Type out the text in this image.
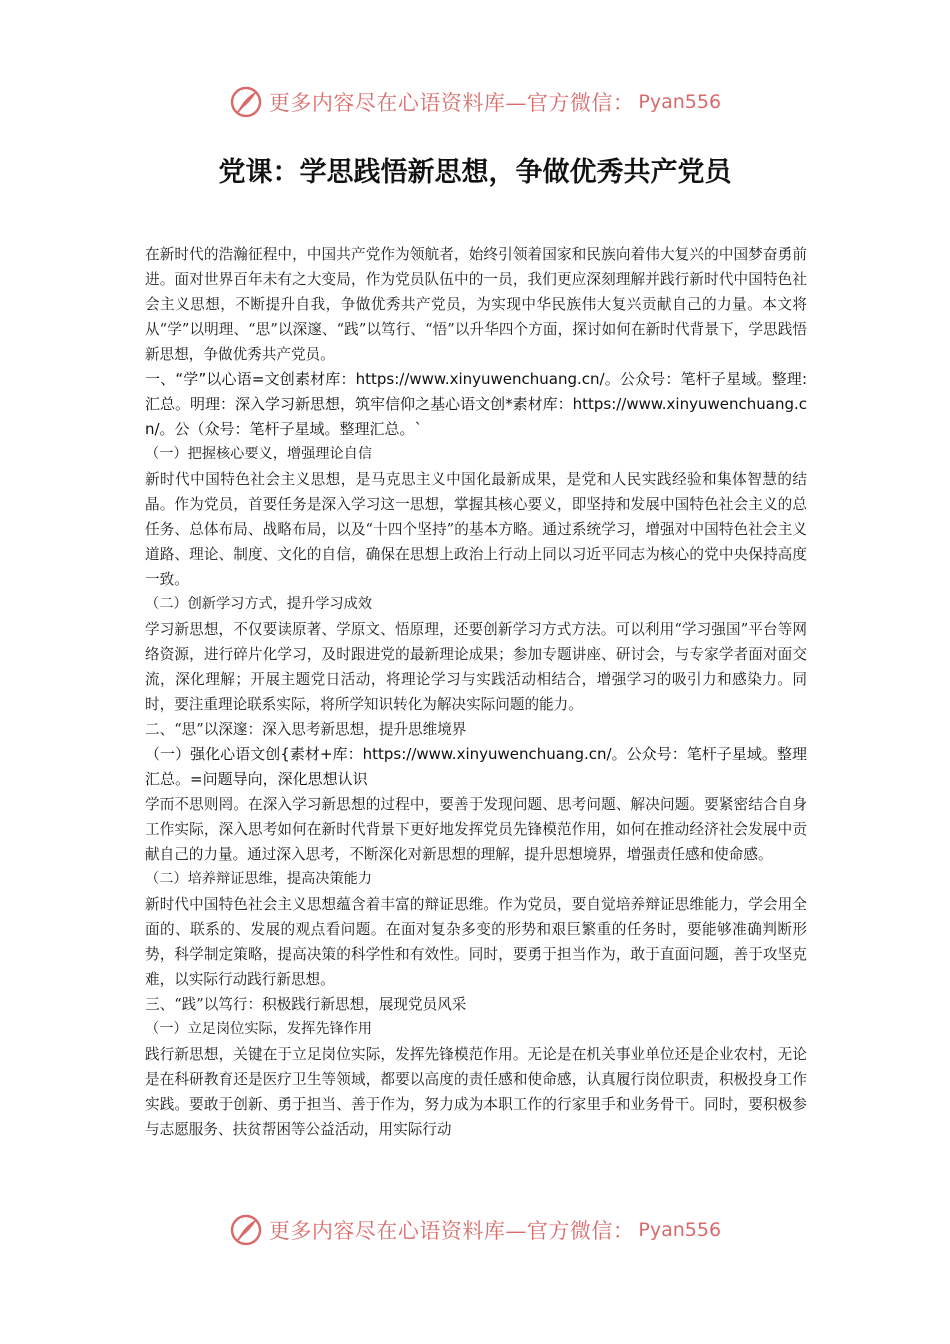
更多内容尽在心语资料库—官方微信： Pyan556
党课：学思践悟新思想，争做优秀共产党员

在新时代的浩瀚征程中，中国共产党作为领航者，始终引领着国家和民族向着伟大复兴的中国梦奋勇前进。面对世界百年未有之大变局，作为党员队伍中的一员，我们更应深刻理解并践行新时代中国特色社会主义思想，不断提升自我，争做优秀共产党员，为实现中华民族伟大复兴贡献自己的力量。本文将从“学”以明理、“思”以深邃、“践”以笃行、“悟”以升华四个方面，探讨如何在新时代背景下，学思践悟新思想，争做优秀共产党员。

一、“学”以心语=文创素材库：https://www.xinyuwenchuang.cn/。公众号：笔杆子星域。整理:汇总。明理：深入学习新思想，筑牢信仰之基心语文创*素材库：https://www.xinyuwenchuang.cn/。公（众号：笔杆子星域。整理汇总。`

（一）把握核心要义，增强理论自信

新时代中国特色社会主义思想，是马克思主义中国化最新成果，是党和人民实践经验和集体智慧的结晶。作为党员，首要任务是深入学习这一思想，掌握其核心要义，即坚持和发展中国特色社会主义的总任务、总体布局、战略布局，以及“十四个坚持”的基本方略。通过系统学习，增强对中国特色社会主义道路、理论、制度、文化的自信，确保在思想上政治上行动上同以习近平同志为核心的党中央保持高度一致。

（二）创新学习方式，提升学习成效

学习新思想，不仅要读原著、学原文、悟原理，还要创新学习方式方法。可以利用“学习强国”平台等网络资源，进行碎片化学习，及时跟进党的最新理论成果；参加专题讲座、研讨会，与专家学者面对面交流，深化理解；开展主题党日活动，将理论学习与实践活动相结合，增强学习的吸引力和感染力。同时，要注重理论联系实际，将所学知识转化为解决实际问题的能力。

二、“思”以深邃：深入思考新思想，提升思维境界

（一）强化心语文创{素材+库：https://www.xinyuwenchuang.cn/。公众号：笔杆子星域。整理汇总。=问题导向，深化思想认识

学而不思则罔。在深入学习新思想的过程中，要善于发现问题、思考问题、解决问题。要紧密结合自身工作实际，深入思考如何在新时代背景下更好地发挥党员先锋模范作用，如何在推动经济社会发展中贡献自己的力量。通过深入思考，不断深化对新思想的理解，提升思想境界，增强责任感和使命感。

（二）培养辩证思维，提高决策能力

新时代中国特色社会主义思想蕴含着丰富的辩证思维。作为党员，要自觉培养辩证思维能力，学会用全面的、联系的、发展的观点看问题。在面对复杂多变的形势和艰巨繁重的任务时，要能够准确判断形势，科学制定策略，提高决策的科学性和有效性。同时，要勇于担当作为，敢于直面问题，善于攻坚克难，以实际行动践行新思想。

三、“践”以笃行：积极践行新思想，展现党员风采

（一）立足岗位实际，发挥先锋作用

践行新思想，关键在于立足岗位实际，发挥先锋模范作用。无论是在机关事业单位还是企业农村，无论是在科研教育还是医疗卫生等领域，都要以高度的责任感和使命感，认真履行岗位职责，积极投身工作实践。要敢于创新、勇于担当、善于作为，努力成为本职工作的行家里手和业务骨干。同时，要积极参与志愿服务、扶贫帮困等公益活动，用实际行动

更多内容尽在心语资料库—官方微信： Pyan556
